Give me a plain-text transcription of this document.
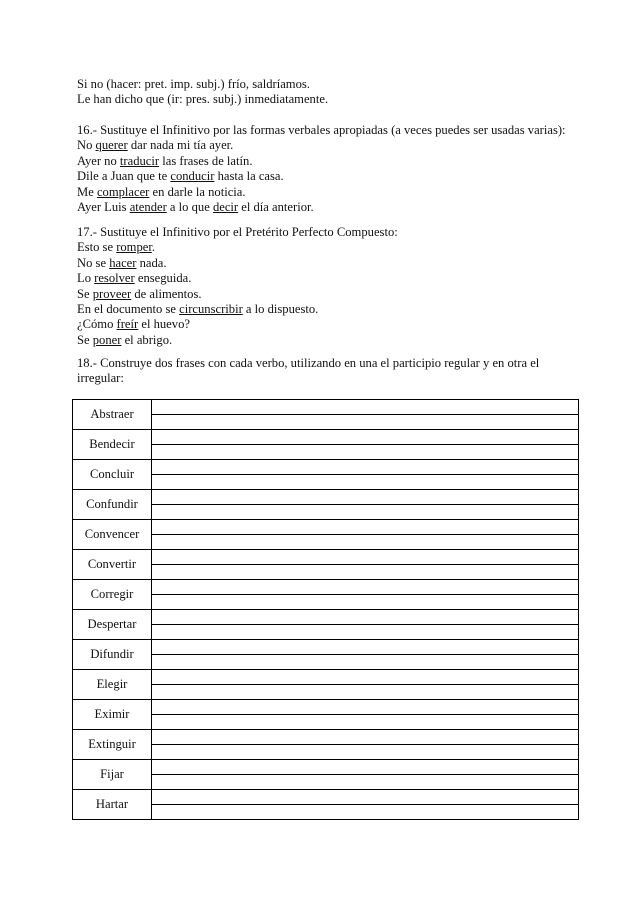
Si no (hacer: pret. imp. subj.) frío, saldríamos.
Le han dicho que (ir: pres. subj.) inmediatamente.
16.- Sustituye el Infinitivo por las formas verbales apropiadas (a veces puedes ser usadas varias):
No querer dar nada mi tía ayer.
Ayer no traducir las frases de latín.
Dile a Juan que te conducir hasta la casa.
Me complacer en darle la noticia.
Ayer Luis atender a lo que decir el día anterior.
17.- Sustituye el Infinitivo por el Pretérito Perfecto Compuesto:
Esto se romper.
No se hacer nada.
Lo resolver enseguida.
Se proveer de alimentos.
En el documento se circunscribir a lo dispuesto.
¿Cómo freír el huevo?
Se poner el abrigo.
18.- Construye dos frases con cada verbo, utilizando en una el participio regular y en otra el
irregular:
Abstraer	

Bendecir	

Concluir	

Confundir	

Convencer	

Convertir	

Corregir	

Despertar	

Difundir	

Elegir	

Eximir	

Extinguir	

Fijar	

Hartar	
